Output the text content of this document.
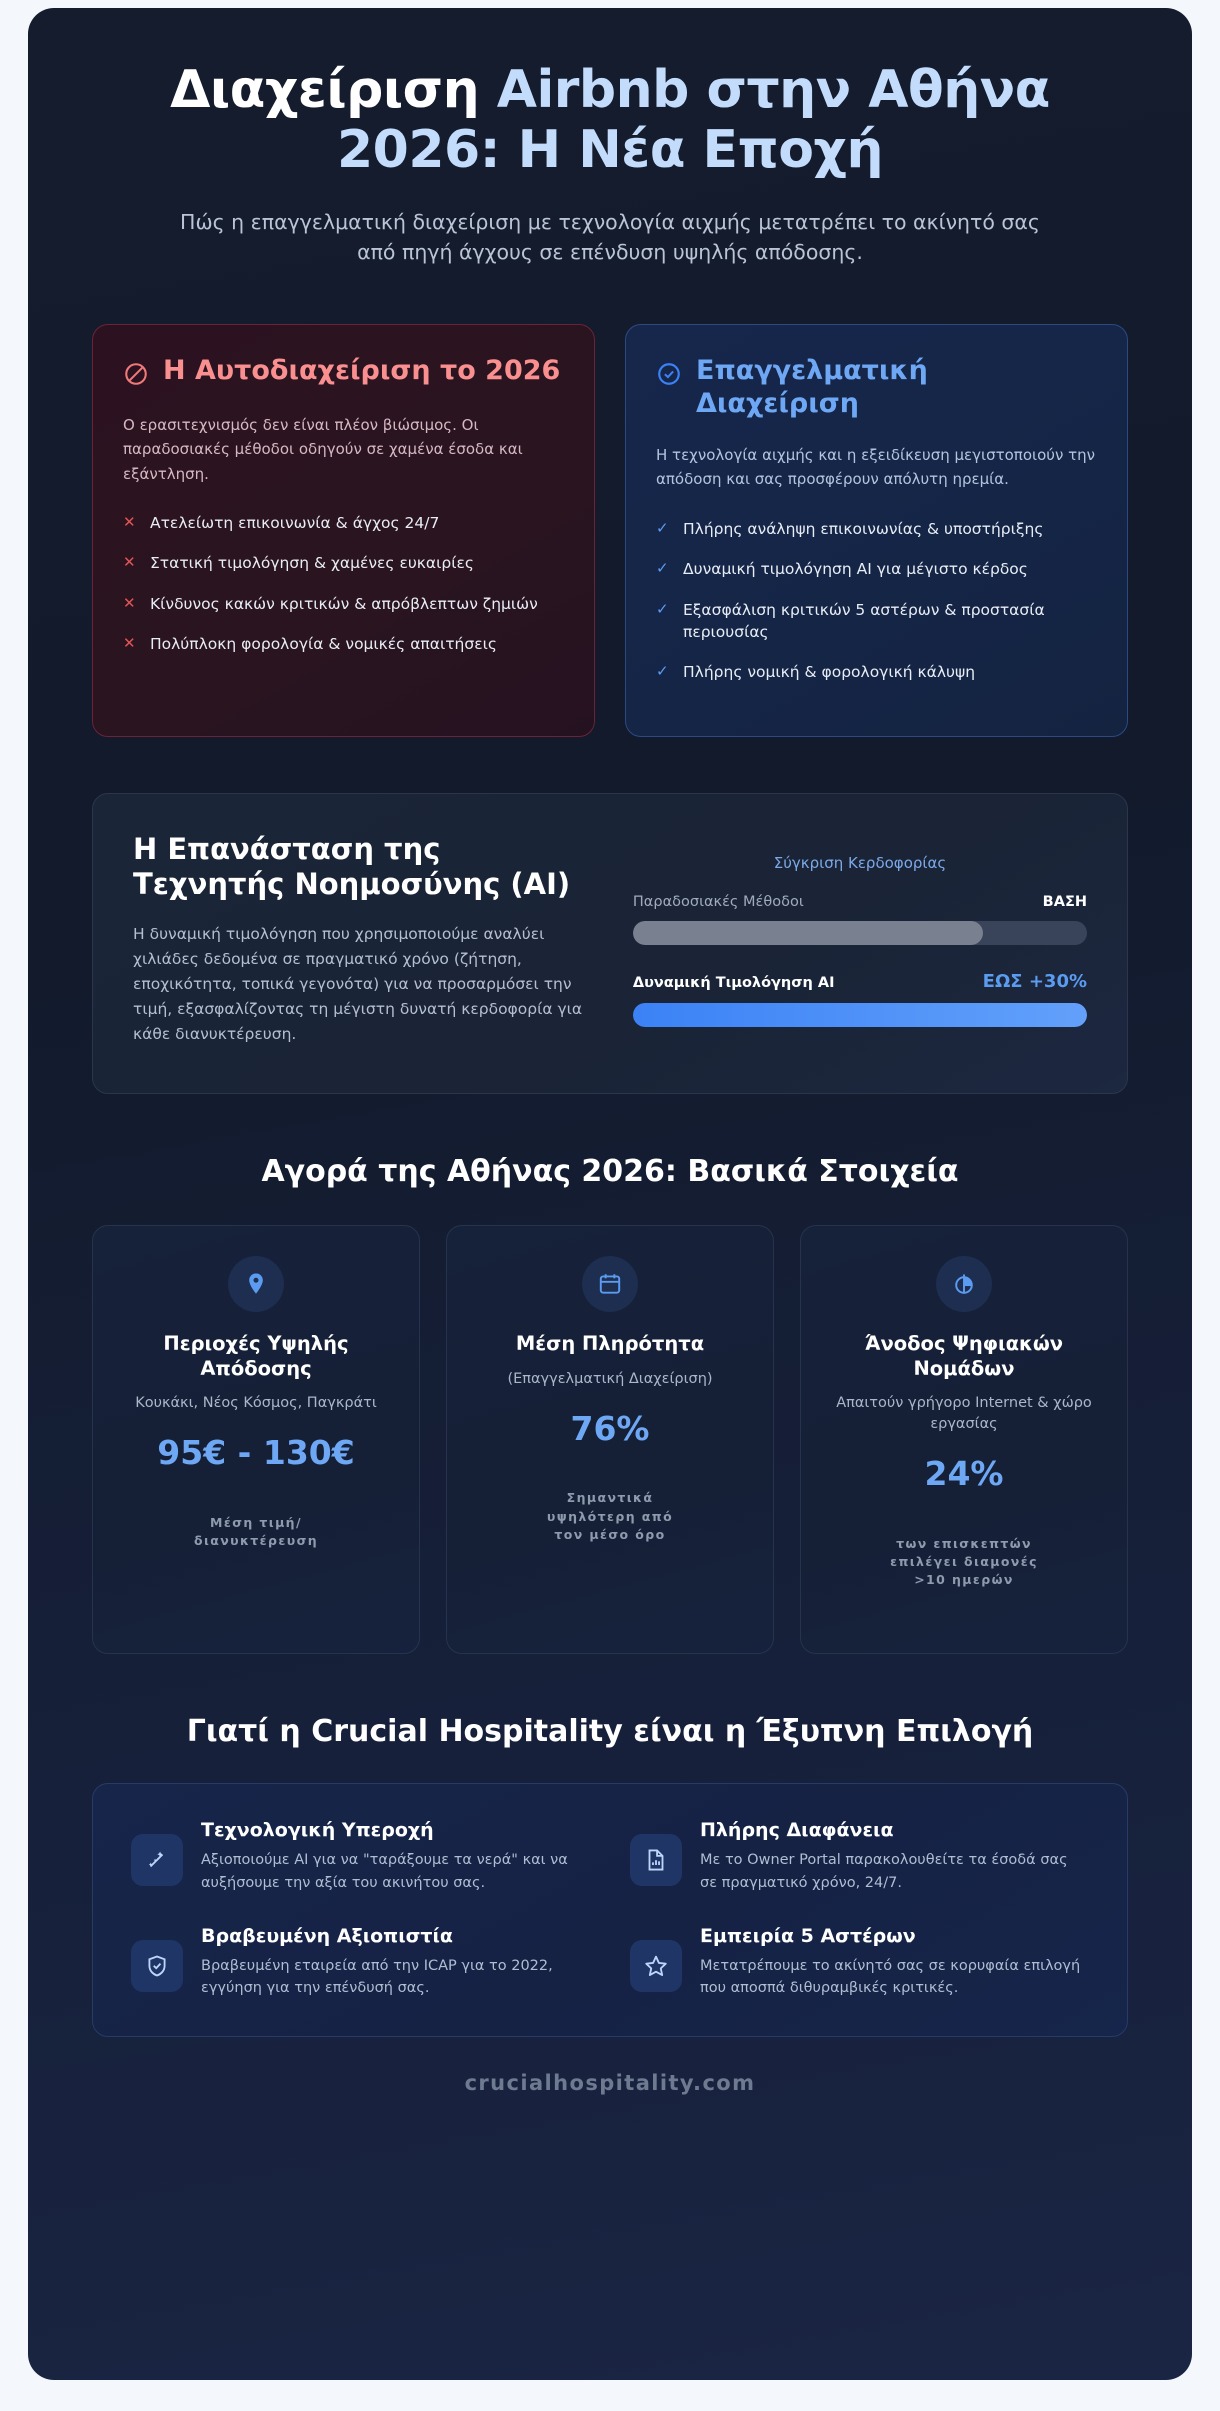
Διαχείριση Airbnb στην Αθήνα
2026: Η Νέα Εποχή

Πώς η επαγγελματική διαχείριση με τεχνολογία αιχμής μετατρέπει το ακίνητό σας από πηγή άγχους σε επένδυση υψηλής απόδοσης.

Η Αυτοδιαχείριση το 2026

Ο ερασιτεχνισμός δεν είναι πλέον βιώσιμος. Οι παραδοσιακές μέθοδοι οδηγούν σε χαμένα έσοδα και εξάντληση.

✕ Ατελείωτη επικοινωνία & άγχος 24/7
✕ Στατική τιμολόγηση & χαμένες ευκαιρίες
✕ Κίνδυνος κακών κριτικών & απρόβλεπτων ζημιών
✕ Πολύπλοκη φορολογία & νομικές απαιτήσεις
Επαγγελματική Διαχείριση

Η τεχνολογία αιχμής και η εξειδίκευση μεγιστοποιούν την απόδοση και σας προσφέρουν απόλυτη ηρεμία.

✓ Πλήρης ανάληψη επικοινωνίας & υποστήριξης
✓ Δυναμική τιμολόγηση AI για μέγιστο κέρδος
✓ Εξασφάλιση κριτικών 5 αστέρων & προστασία περιουσίας
✓ Πλήρης νομική & φορολογική κάλυψη
Η Επανάσταση της Τεχνητής Νοημοσύνης (AI)

Η δυναμική τιμολόγηση που χρησιμοποιούμε αναλύει χιλιάδες δεδομένα σε πραγματικό χρόνο (ζήτηση, εποχικότητα, τοπικά γεγονότα) για να προσαρμόσει την τιμή, εξασφαλίζοντας τη μέγιστη δυνατή κερδοφορία για κάθε διανυκτέρευση.

Σύγκριση Κερδοφορίας
Παραδοσιακές Μέθοδοι	ΒΑΣΗ
Δυναμική Τιμολόγηση AI	ΕΩΣ +30%
Αγορά της Αθήνας 2026: Βασικά Στοιχεία
Περιοχές Υψηλής Απόδοσης
Κουκάκι, Νέος Κόσμος, Παγκράτι
95€ - 130€
Μέση τιμή/διανυκτέρευση
Μέση Πληρότητα
(Επαγγελματική Διαχείριση)
76%
Σημαντικά υψηλότερη από τον μέσο όρο
Άνοδος Ψηφιακών Νομάδων
Απαιτούν γρήγορο Internet & χώρο εργασίας
24%
των επισκεπτών επιλέγει διαμονές >10 ημερών
Γιατί η Crucial Hospitality είναι η Έξυπνη Επιλογή
Τεχνολογική Υπεροχή

Αξιοποιούμε AI για να "ταράξουμε τα νερά" και να αυξήσουμε την αξία του ακινήτου σας.

Πλήρης Διαφάνεια

Με το Owner Portal παρακολουθείτε τα έσοδά σας σε πραγματικό χρόνο, 24/7.

Βραβευμένη Αξιοπιστία

Βραβευμένη εταιρεία από την ICAP για το 2022, εγγύηση για την επένδυσή σας.

Εμπειρία 5 Αστέρων

Μετατρέπουμε το ακίνητό σας σε κορυφαία επιλογή που αποσπά διθυραμβικές κριτικές.

crucialhospitality.com
